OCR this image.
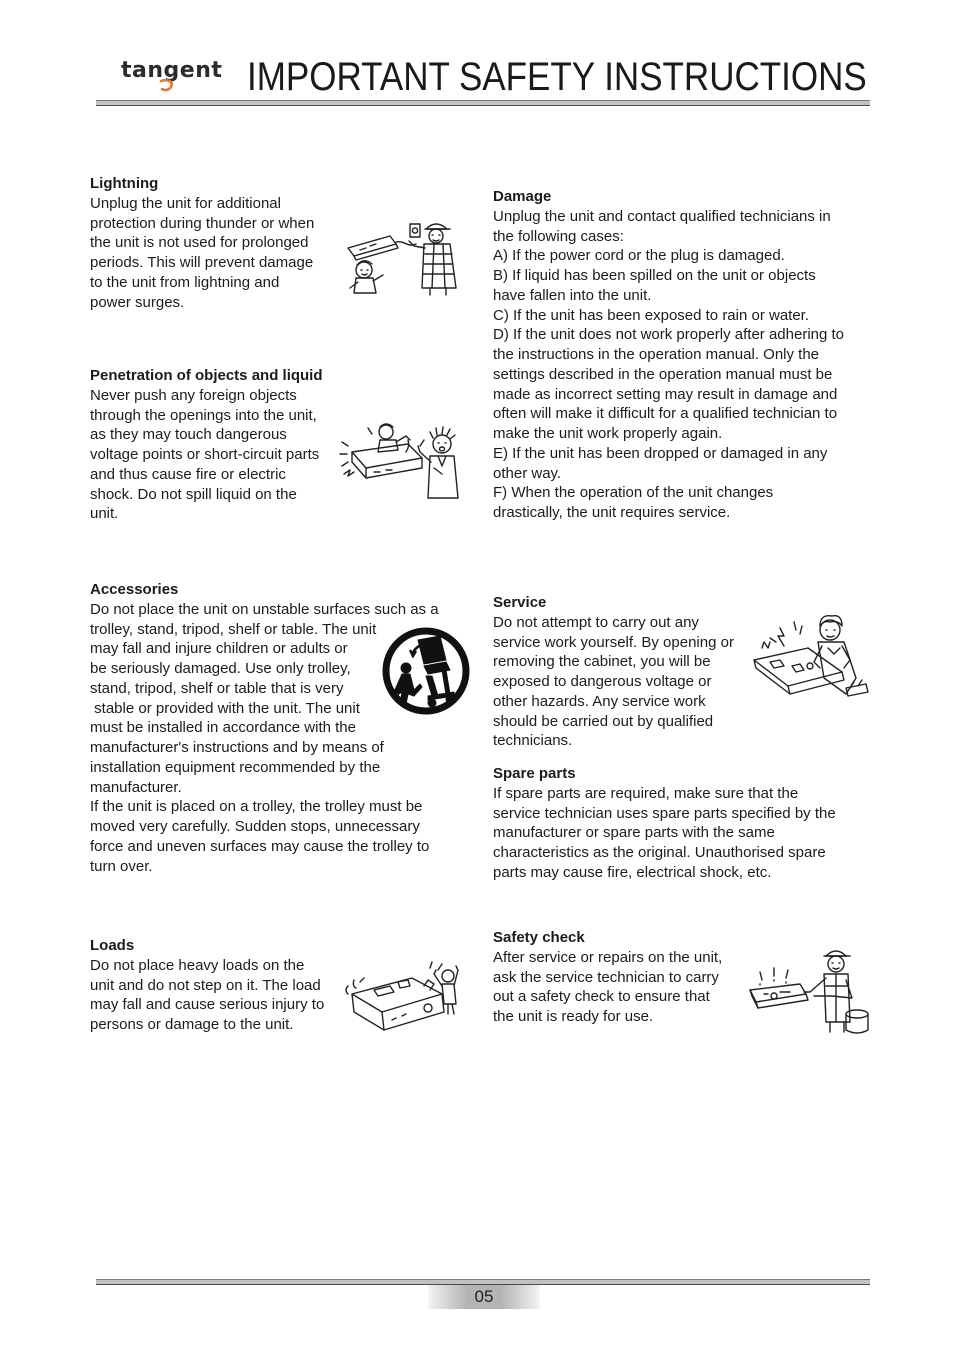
tangent IMPORTANT SAFETY INSTRUCTIONS
Lightning
Unplug the unit for additional
protection during thunder or when
the unit is not used for prolonged
periods. This will prevent damage
to the unit from lightning and
power surges.
Penetration of objects and liquid
Never push any foreign objects
through the openings into the unit,
as they may touch dangerous
voltage points or short-circuit parts
and thus cause fire or electric
shock. Do not spill liquid on the
unit.
Accessories
Do not place the unit on unstable surfaces such as a
trolley, stand, tripod, shelf or table. The unit
may fall and injure children or adults or
be seriously damaged. Use only trolley,
stand, tripod, shelf or table that is very
stable or provided with the unit. The unit
must be installed in accordance with the
manufacturer's instructions and by means of
installation equipment recommended by the
manufacturer.
If the unit is placed on a trolley, the trolley must be
moved very carefully. Sudden stops, unnecessary
force and uneven surfaces may cause the trolley to
turn over.
Loads
Do not place heavy loads on the
unit and do not step on it. The load
may fall and cause serious injury to
persons or damage to the unit.
Damage
Unplug the unit and contact qualified technicians in
the following cases:
A) If the power cord or the plug is damaged.
B) If liquid has been spilled on the unit or objects
have fallen into the unit.
C) If the unit has been exposed to rain or water.
D) If the unit does not work properly after adhering to
the instructions in the operation manual. Only the
settings described in the operation manual must be
made as incorrect setting may result in damage and
often will make it difficult for a qualified technician to
make the unit work properly again.
E) If the unit has been dropped or damaged in any
other way.
F) When the operation of the unit changes
drastically, the unit requires service.
Service
Do not attempt to carry out any
service work yourself. By opening or
removing the cabinet, you will be
exposed to dangerous voltage or
other hazards. Any service work
should be carried out by qualified
technicians.
Spare parts
If spare parts are required, make sure that the
service technician uses spare parts specified by the
manufacturer or spare parts with the same
characteristics as the original. Unauthorised spare
parts may cause fire, electrical shock, etc.
Safety check
After service or repairs on the unit,
ask the service technician to carry
out a safety check to ensure that
the unit is ready for use.
05
